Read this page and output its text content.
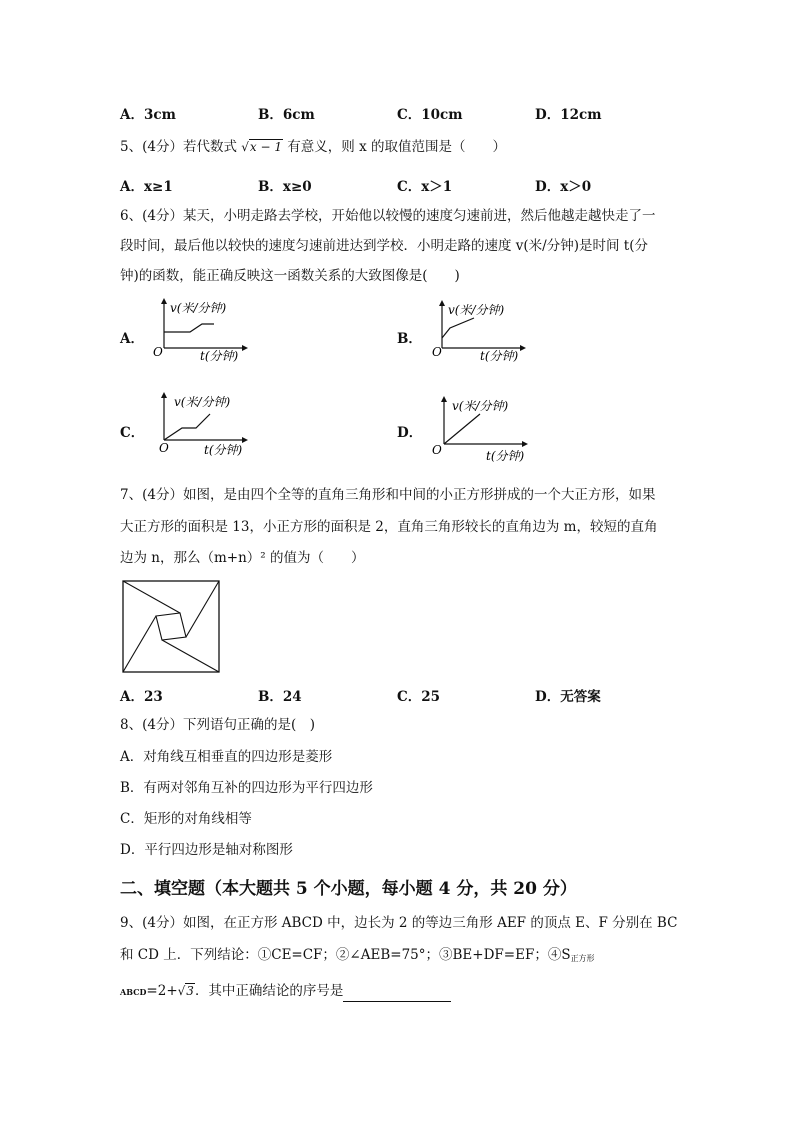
A．3cm	B．6cm	C．10cm	D．12cm
5、(4分）若代数式 √x − 1 有意义，则 x 的取值范围是（　　）
A．x≥1	B．x≥0	C．x＞1	D．x＞0
6、(4分）某天，小明走路去学校，开始他以较慢的速度匀速前进，然后他越走越快走了一
段时间，最后他以较快的速度匀速前进达到学校．小明走路的速度 v(米/分钟)是时间 t(分
钟)的函数，能正确反映这一函数关系的大致图像是(　　)
A．	B．
C．	D．
v(米/分钟)
t(分钟)
O
v(米/分钟)
t(分钟)
O
v(米/分钟)
t(分钟)
O
v(米/分钟)
t(分钟)
O
7、(4分）如图，是由四个全等的直角三角形和中间的小正方形拼成的一个大正方形，如果
大正方形的面积是 13，小正方形的面积是 2，直角三角形较长的直角边为 m，较短的直角
边为 n，那么（m+n）² 的值为（　　）
A．23	B．24	C．25	D．无答案
8、(4分）下列语句正确的是(　)
A．对角线互相垂直的四边形是菱形
B．有两对邻角互补的四边形为平行四边形
C．矩形的对角线相等
D．平行四边形是轴对称图形
二、填空题（本大题共 5 个小题，每小题 4 分，共 20 分）
9、(4分）如图，在正方形 ABCD 中，边长为 2 的等边三角形 AEF 的顶点 E、F 分别在 BC
和 CD 上．下列结论：①CE=CF；②∠AEB=75°；③BE+DF=EF；$④S_{正方形}$
ABCD=2+√3．其中正确结论的序号是
